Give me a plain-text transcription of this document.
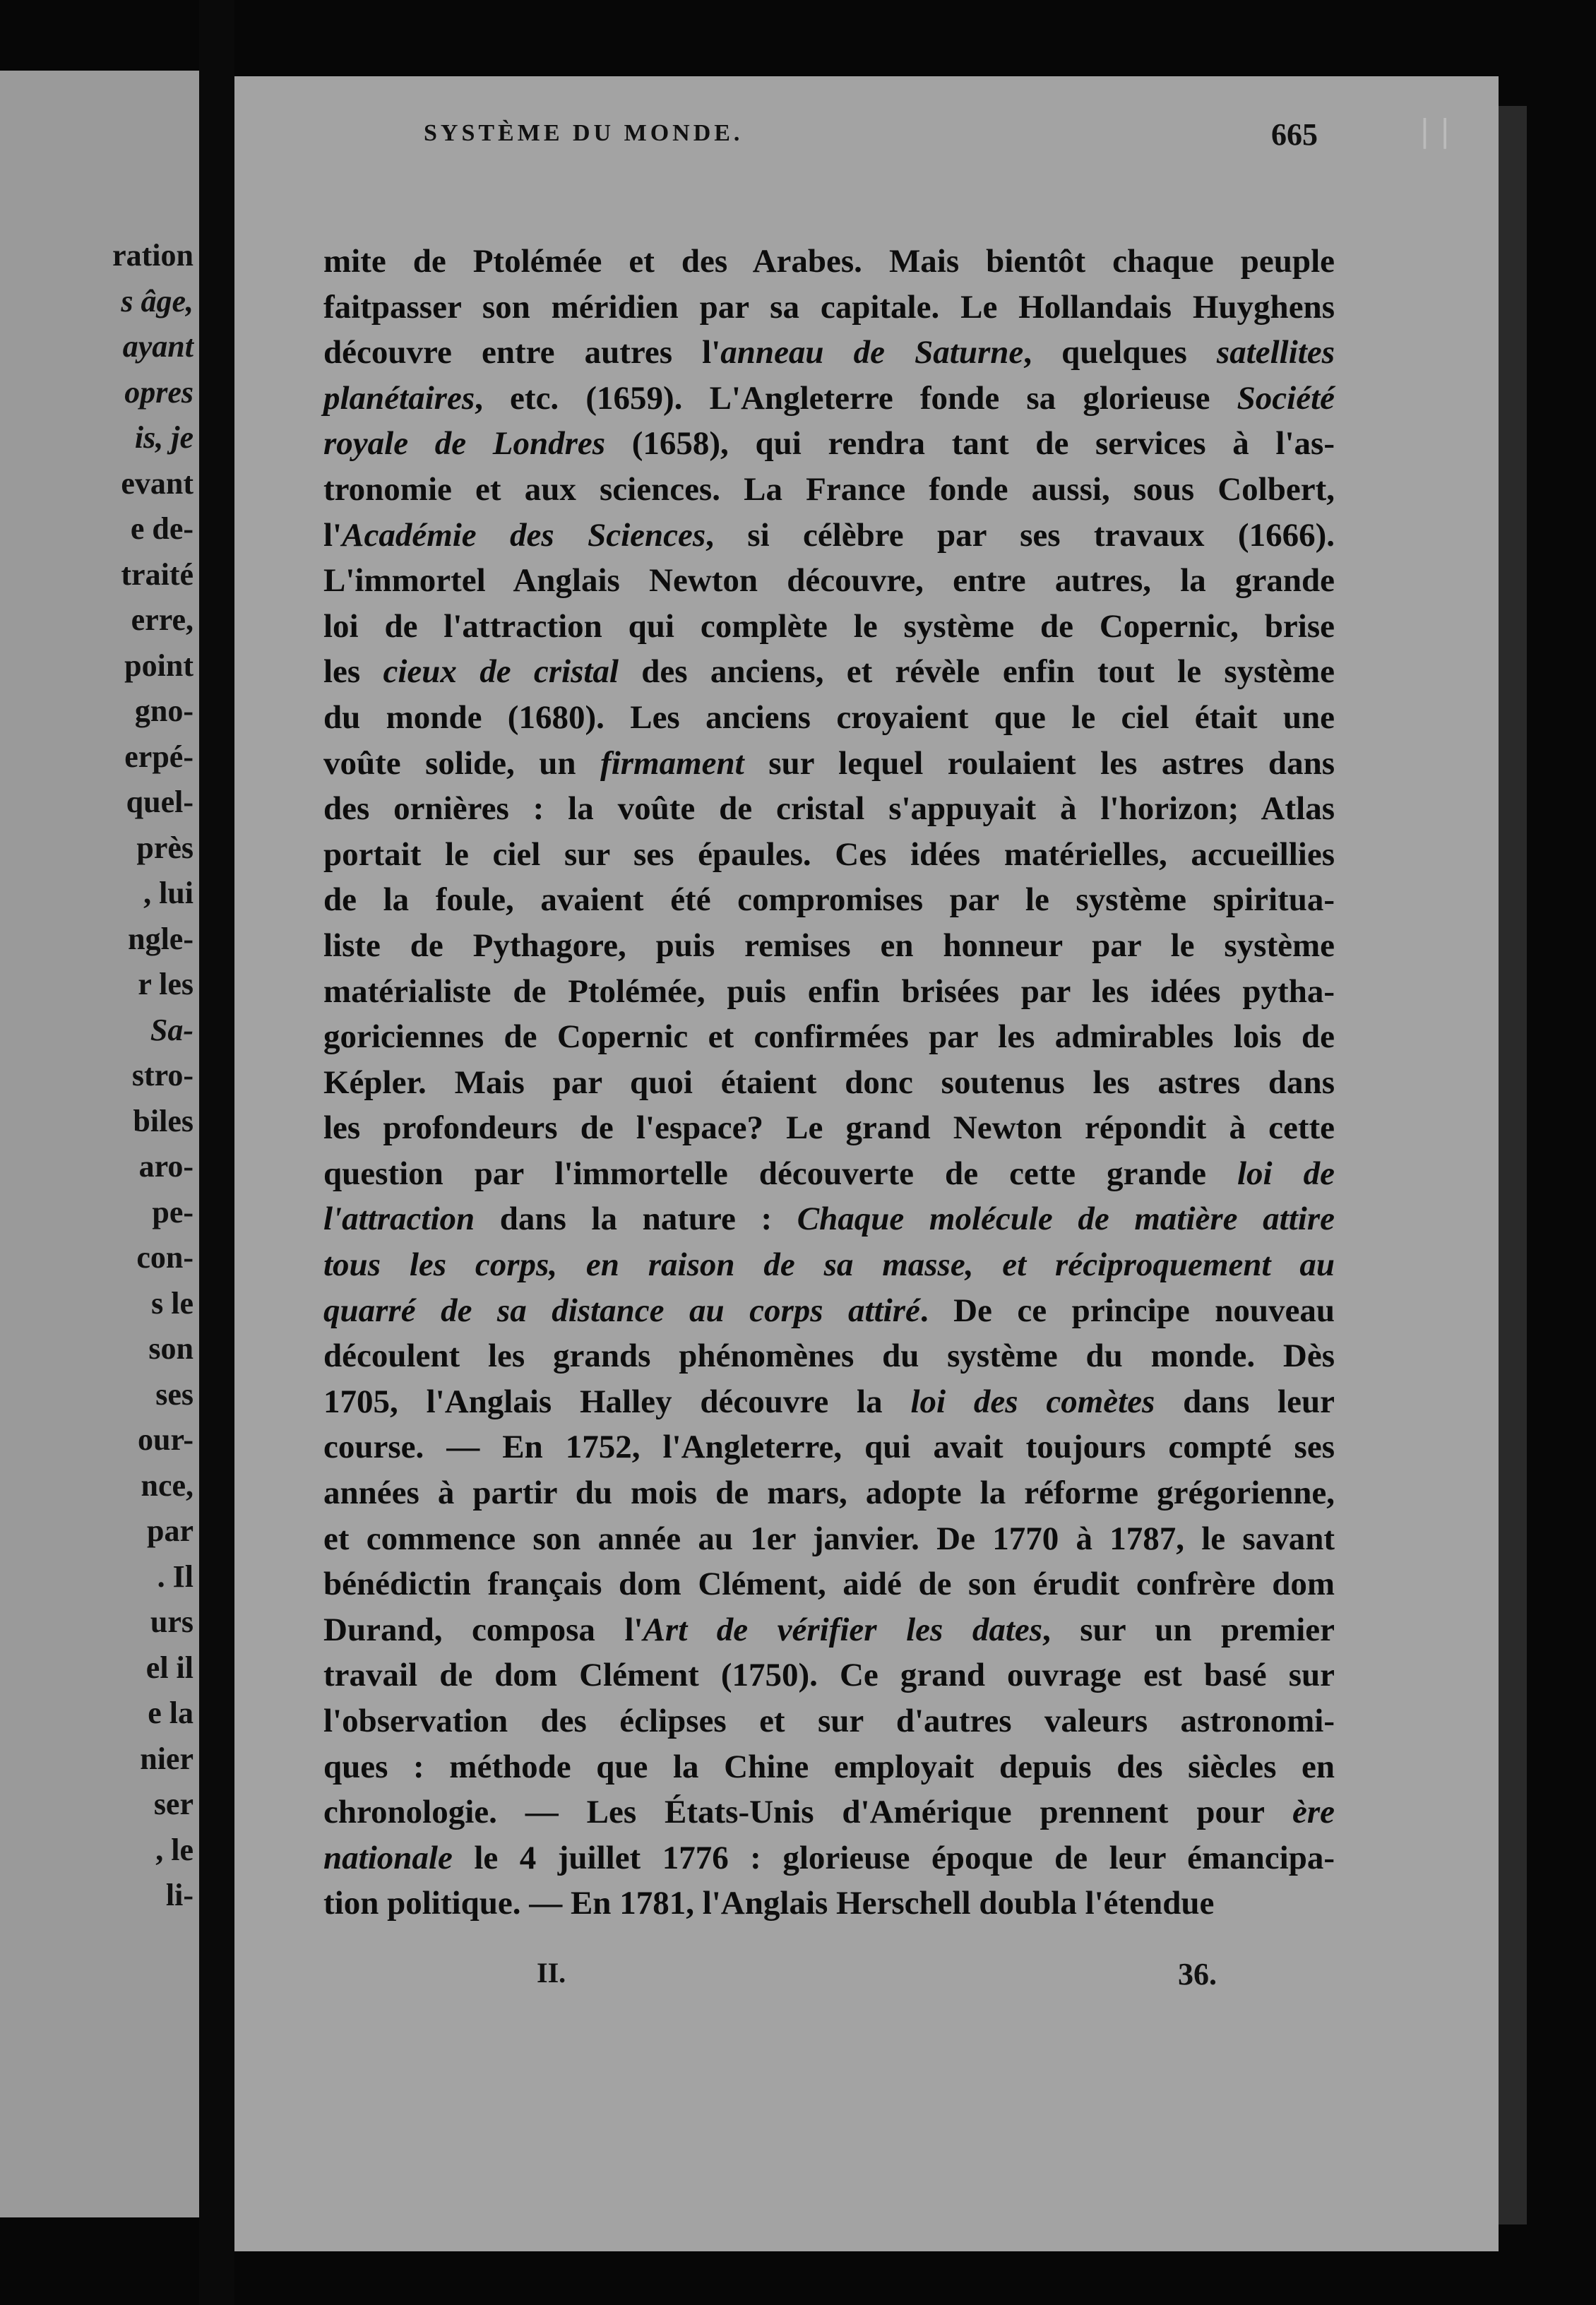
ration
s âge,
ayant
opres
is, je
evant
e de-
traité
erre,
point
gno-
erpé-
quel-
près
, lui
ngle-
r les
Sa-
stro-
biles
aro-
pe-
con-
s le
son
ses
our-
nce,
par
. Il
urs
el il
e la
nier
ser
, le
li-
SYSTÈME DU MONDE.	665	| |
mite de Ptolémée et des Arabes. Mais bientôt chaque peuple
faitpasser son méridien par sa capitale. Le Hollandais Huyghens
découvre entre autres l'anneau de Saturne, quelques satellites
planétaires, etc. (1659). L'Angleterre fonde sa glorieuse Société
royale de Londres (1658), qui rendra tant de services à l'as-
tronomie et aux sciences. La France fonde aussi, sous Colbert,
l'Académie des Sciences, si célèbre par ses travaux (1666).
L'immortel Anglais Newton découvre, entre autres, la grande
loi de l'attraction qui complète le système de Copernic, brise
les cieux de cristal des anciens, et révèle enfin tout le système
du monde (1680). Les anciens croyaient que le ciel était une
voûte solide, un firmament sur lequel roulaient les astres dans
des ornières : la voûte de cristal s'appuyait à l'horizon; Atlas
portait le ciel sur ses épaules. Ces idées matérielles, accueillies
de la foule, avaient été compromises par le système spiritua-
liste de Pythagore, puis remises en honneur par le système
matérialiste de Ptolémée, puis enfin brisées par les idées pytha-
goriciennes de Copernic et confirmées par les admirables lois de
Képler. Mais par quoi étaient donc soutenus les astres dans
les profondeurs de l'espace? Le grand Newton répondit à cette
question par l'immortelle découverte de cette grande loi de
l'attraction dans la nature : Chaque molécule de matière attire
tous les corps, en raison de sa masse, et réciproquement au
quarré de sa distance au corps attiré. De ce principe nouveau
découlent les grands phénomènes du système du monde. Dès
1705, l'Anglais Halley découvre la loi des comètes dans leur
course. — En 1752, l'Angleterre, qui avait toujours compté ses
années à partir du mois de mars, adopte la réforme grégorienne,
et commence son année au 1er janvier. De 1770 à 1787, le savant
bénédictin français dom Clément, aidé de son érudit confrère dom
Durand, composa l'Art de vérifier les dates, sur un premier
travail de dom Clément (1750). Ce grand ouvrage est basé sur
l'observation des éclipses et sur d'autres valeurs astronomi-
ques : méthode que la Chine employait depuis des siècles en
chronologie. — Les États-Unis d'Amérique prennent pour ère
nationale le 4 juillet 1776 : glorieuse époque de leur émancipa-
tion politique. — En 1781, l'Anglais Herschell doubla l'étendue
II.	36.
